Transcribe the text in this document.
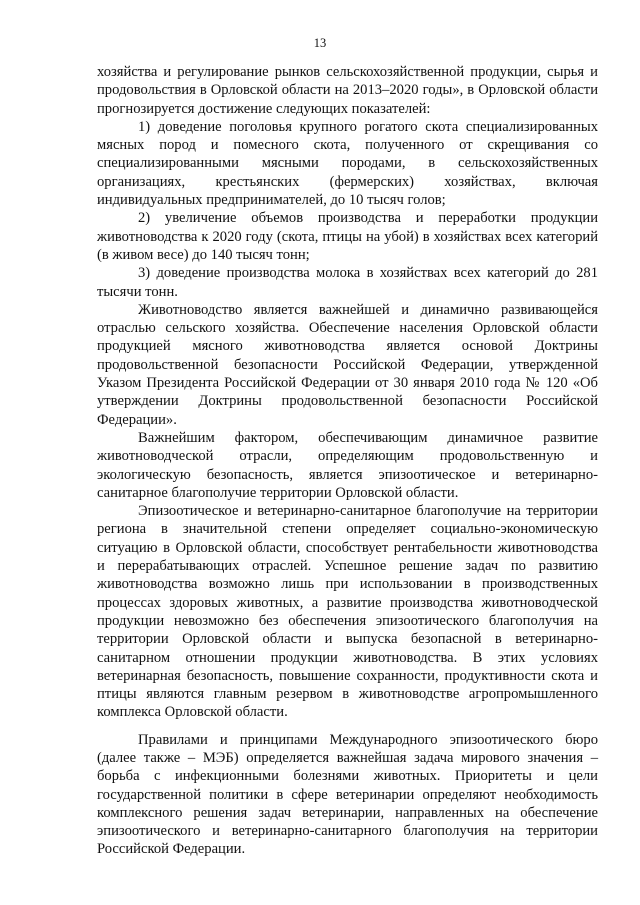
13

хозяйства и регулирование рынков сельскохозяйственной продукции, сырья и продовольствия в Орловской области на 2013–2020 годы», в Орловской области прогнозируется достижение следующих показателей:

1) доведение поголовья крупного рогатого скота специализированных мясных пород и помесного скота, полученного от скрещивания со специализированными мясными породами, в сельскохозяйственных организациях, крестьянских (фермерских) хозяйствах, включая индивидуальных предпринимателей, до 10 тысяч голов;

2) увеличение объемов производства и переработки продукции животноводства к 2020 году (скота, птицы на убой) в хозяйствах всех категорий (в живом весе) до 140 тысяч тонн;

3) доведение производства молока в хозяйствах всех категорий до 281 тысячи тонн.

Животноводство является важнейшей и динамично развивающейся отраслью сельского хозяйства. Обеспечение населения Орловской области продукцией мясного животноводства является основой Доктрины продовольственной безопасности Российской Федерации, утвержденной Указом Президента Российской Федерации от 30 января 2010 года № 120 «Об утверждении Доктрины продовольственной безопасности Российской Федерации».

Важнейшим фактором, обеспечивающим динамичное развитие животноводческой отрасли, определяющим продовольственную и экологическую безопасность, является эпизоотическое и ветеринарно-санитарное благополучие территории Орловской области.

Эпизоотическое и ветеринарно-санитарное благополучие на территории региона в значительной степени определяет социально-экономическую ситуацию в Орловской области, способствует рентабельности животноводства и перерабатывающих отраслей. Успешное решение задач по развитию животноводства возможно лишь при использовании в производственных процессах здоровых животных, а развитие производства животноводческой продукции невозможно без обеспечения эпизоотического благополучия на территории Орловской области и выпуска безопасной в ветеринарно-санитарном отношении продукции животноводства. В этих условиях ветеринарная безопасность, повышение сохранности, продуктивности скота и птицы являются главным резервом в животноводстве агропромышленного комплекса Орловской области.

Правилами и принципами Международного эпизоотического бюро (далее также – МЭБ) определяется важнейшая задача мирового значения – борьба с инфекционными болезнями животных. Приоритеты и цели государственной политики в сфере ветеринарии определяют необходимость комплексного решения задач ветеринарии, направленных на обеспечение эпизоотического и ветеринарно-санитарного благополучия на территории Российской Федерации.
